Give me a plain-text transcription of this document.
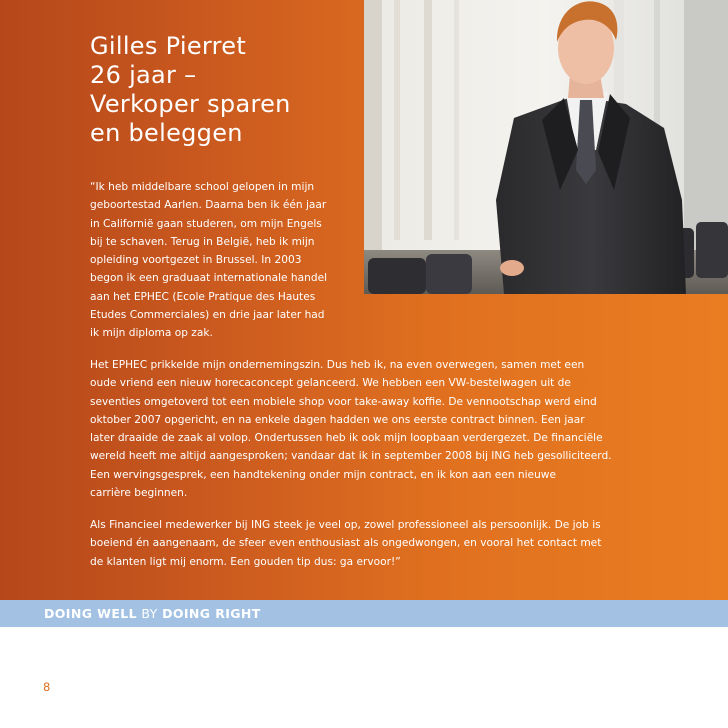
Gilles Pierret
26 jaar –
Verkoper sparen
en beleggen

“Ik heb middelbare school gelopen in mijn
geboortestad Aarlen. Daarna ben ik één jaar
in Californië gaan studeren, om mijn Engels
bij te schaven. Terug in België, heb ik mijn
opleiding voortgezet in Brussel. In 2003
begon ik een graduaat internationale handel
aan het EPHEC (Ecole Pratique des Hautes
Etudes Commerciales) en drie jaar later had
ik mijn diploma op zak.

Het EPHEC prikkelde mijn ondernemingszin. Dus heb ik, na even overwegen, samen met een
oude vriend een nieuw horecaconcept gelanceerd. We hebben een VW-bestelwagen uit de
seventies omgetoverd tot een mobiele shop voor take-away koffie. De vennootschap werd eind
oktober 2007 opgericht, en na enkele dagen hadden we ons eerste contract binnen. Een jaar
later draaide de zaak al volop. Ondertussen heb ik ook mijn loopbaan verdergezet. De financiële
wereld heeft me altijd aangesproken; vandaar dat ik in september 2008 bij ING heb gesolliciteerd.
Een wervingsgesprek, een handtekening onder mijn contract, en ik kon aan een nieuwe
carrière beginnen.

Als Financieel medewerker bij ING steek je veel op, zowel professioneel als persoonlijk. De job is
boeiend én aangenaam, de sfeer even enthousiast als ongedwongen, en vooral het contact met
de klanten ligt mij enorm. Een gouden tip dus: ga ervoor!”

DOING WELL BY DOING RIGHT

8
